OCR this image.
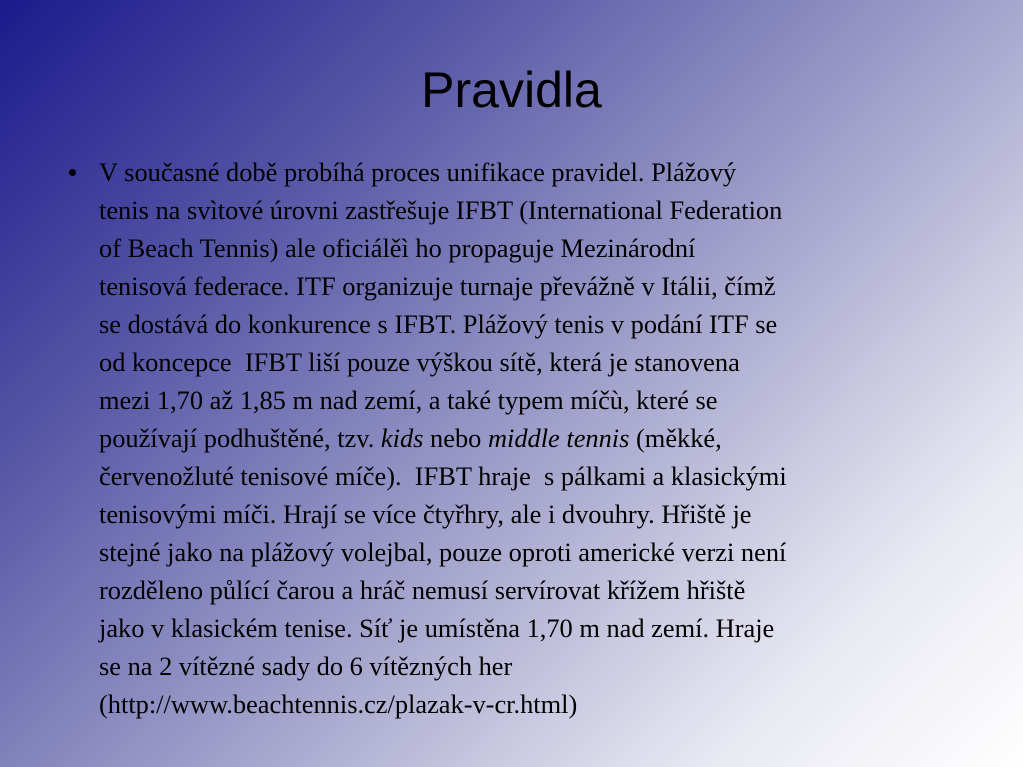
Pravidla

V současné době probíhá proces unifikace pravidel. Plážový
tenis na svìtové úrovni zastřešuje IFBT (International Federation
of Beach Tennis) ale oficiálěì ho propaguje Mezinárodní
tenisová federace. ITF organizuje turnaje převážně v Itálii, čímž
se dostává do konkurence s IFBT. Plážový tenis v podání ITF se
od koncepce  IFBT liší pouze výškou sítě, která je stanovena
mezi 1,70 až 1,85 m nad zemí, a také typem míčù, které se
používají podhuštěné, tzv. kids nebo middle tennis (měkké,
červenožluté tenisové míče).  IFBT hraje  s pálkami a klasickými
tenisovými míči. Hrají se více čtyřhry, ale i dvouhry. Hřiště je
stejné jako na plážový volejbal, pouze oproti americké verzi není
rozděleno půlící čarou a hráč nemusí servírovat křížem hřiště
jako v klasickém tenise. Síť je umístěna 1,70 m nad zemí. Hraje
se na 2 vítězné sady do 6 vítězných her
(http://www.beachtennis.cz/plazak-v-cr.html)
